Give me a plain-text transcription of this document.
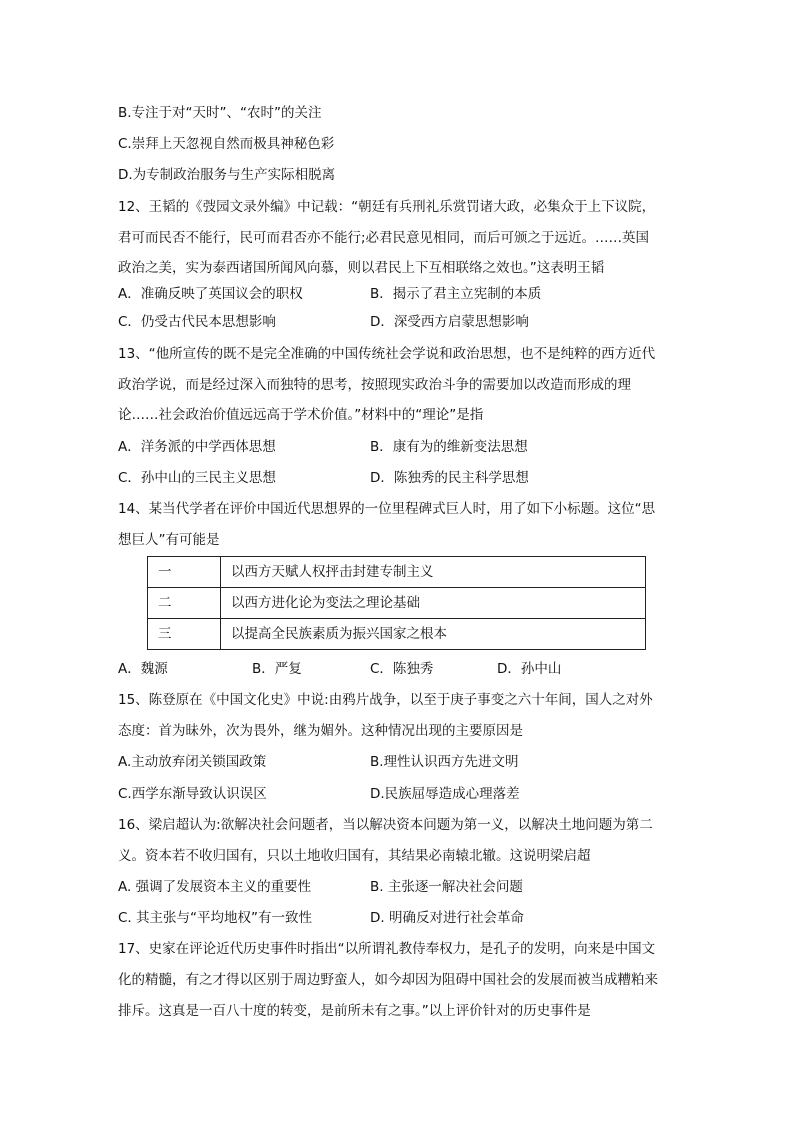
B.专注于对“天时”、“农时”的关注
C.崇拜上天忽视自然而极具神秘色彩
D.为专制政治服务与生产实际相脱离
12、王韬的《弢园文录外编》中记载：“朝廷有兵刑礼乐赏罚诸大政，必集众于上下议院，
君可而民否不能行，民可而君否亦不能行;必君民意见相同，而后可颁之于远近。……英国
政治之美，实为泰西诸国所闻风向慕，则以君民上下互相联络之效也。”这表明王韬
A．准确反映了英国议会的职权	B．揭示了君主立宪制的本质
C．仍受古代民本思想影响	D．深受西方启蒙思想影响
13、“他所宣传的既不是完全准确的中国传统社会学说和政治思想，也不是纯粹的西方近代
政治学说，而是经过深入而独特的思考，按照现实政治斗争的需要加以改造而形成的理
论……社会政治价值远远高于学术价值。”材料中的“理论”是指
A．洋务派的中学西体思想	B．康有为的维新变法思想
C．孙中山的三民主义思想	D．陈独秀的民主科学思想
14、某当代学者在评价中国近代思想界的一位里程碑式巨人时，用了如下小标题。这位“思
想巨人”有可能是
一	以西方天赋人权抨击封建专制主义
二	以西方进化论为变法之理论基础
三	以提高全民族素质为振兴国家之根本
A．魏源	B．严复	C．陈独秀	D．孙中山
15、陈登原在《中国文化史》中说:由鸦片战争，以至于庚子事变之六十年间，国人之对外
态度：首为昧外，次为畏外，继为媚外。这种情况出现的主要原因是
A.主动放弃闭关锁国政策	B.理性认识西方先进文明
C.西学东渐导致认识误区	D.民族屈辱造成心理落差
16、梁启超认为:欲解决社会问题者，当以解决资本问题为第一义，以解决土地问题为第二
义。资本若不收归国有，只以土地收归国有，其结果必南辕北辙。这说明梁启超
A. 强调了发展资本主义的重要性	B. 主张逐一解决社会问题
C. 其主张与“平均地权”有一致性	D. 明确反对进行社会革命
17、史家在评论近代历史事件时指出“以所谓礼教侍奉权力，是孔子的发明，向来是中国文
化的精髓，有之才得以区别于周边野蛮人，如今却因为阻碍中国社会的发展而被当成糟粕来
排斥。这真是一百八十度的转变，是前所未有之事。”以上评价针对的历史事件是
